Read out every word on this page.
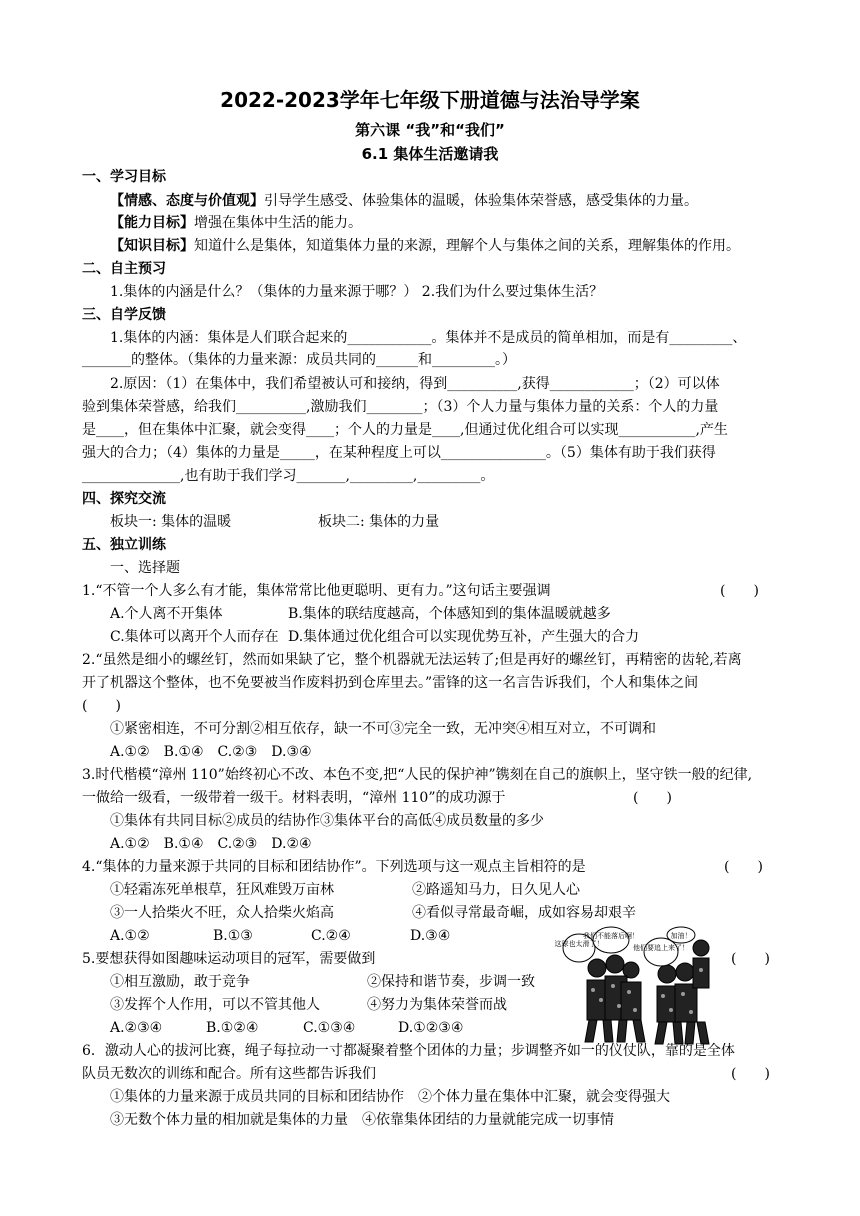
2022-2023学年七年级下册道德与法治导学案
第六课 “我”和“我们”
6.1 集体生活邀请我
一、学习目标
【情感、态度与价值观】引导学生感受、体验集体的温暖，体验集体荣誉感，感受集体的力量。
【能力目标】增强在集体中生活的能力。
【知识目标】知道什么是集体，知道集体力量的来源，理解个人与集体之间的关系，理解集体的作用。
二、自主预习
1.集体的内涵是什么？（集体的力量来源于哪？） 2.我们为什么要过集体生活？
三、自学反馈
1.集体的内涵：集体是人们联合起来的____________。集体并不是成员的简单相加，而是有_________、
_______的整体。（集体的力量来源：成员共同的______和_________。）
2.原因：（1）在集体中，我们希望被认可和接纳，得到__________,获得____________；（2）可以体
验到集体荣誉感，给我们__________,激励我们________；（3）个人力量与集体力量的关系：个人的力量
是____，但在集体中汇聚，就会变得____；个人的力量是____,但通过优化组合可以实现___________,产生
强大的合力；（4）集体的力量是_____，在某种程度上可以_______________。（5）集体有助于我们获得
______________,也有助于我们学习_______,_________,_________。
四、探究交流
板块一: 集体的温暖	板块二: 集体的力量
五、独立训练
一、选择题
1.“不管一个人多么有才能，集体常常比他更聪明、更有力。”这句话主要强调	(　　)
A.个人离不开集体	B.集体的联结度越高，个体感知到的集体温暖就越多
C.集体可以离开个人而存在 D.集体通过优化组合可以实现优势互补，产生强大的合力
2.“虽然是细小的螺丝钉，然而如果缺了它，整个机器就无法运转了;但是再好的螺丝钉，再精密的齿轮,若离
开了机器这个整体，也不免要被当作废料扔到仓库里去。”雷锋的这一名言告诉我们，个人和集体之间
(　　)
①紧密相连，不可分割②相互依存，缺一不可③完全一致，无冲突④相互对立，不可调和
A.①②　B.①④　C.②③　D.③④
3.时代楷模“漳州 110”始终初心不改、本色不变,把“人民的保护神”镌刻在自己的旗帜上，坚守铁一般的纪律,
一做给一级看，一级带着一级干。材料表明，“漳州 110”的成功源于	(　　)
①集体有共同目标②成员的结协作③集体平台的高低④成员数量的多少
A.①②　B.①④　C.②③　D.②④
4.“集体的力量来源于共同的目标和团结协作”。下列选项与这一观点主旨相符的是	(　　)
①轻霜冻死单根草，狂风难毁万亩林	②路遥知马力，日久见人心
③一人拾柴火不旺，众人拾柴火焰高	④看似寻常最奇崛，成如容易却艰辛
A.①②	B.①③	C.②④	D.③④
5.要想获得如图趣味运动项目的冠军，需要做到	(　　)
①相互激励，敢于竞争	②保持和谐节奏，步调一致
③发挥个人作用，可以不管其他人	④努力为集体荣誉而战
A.②③④	B.①②④	C.①③④	D.①②③④
这球也太滑了！
我们不能落后啊！	加油！
他们要追上来了！
6．激动人心的拔河比赛，绳子每拉动一寸都凝聚着整个团体的力量；步调整齐如一的仪仗队，靠的是全体
队员无数次的训练和配合。所有这些都告诉我们	(　　)
①集体的力量来源于成员共同的目标和团结协作　②个体力量在集体中汇聚，就会变得强大
③无数个体力量的相加就是集体的力量　④依靠集体团结的力量就能完成一切事情
